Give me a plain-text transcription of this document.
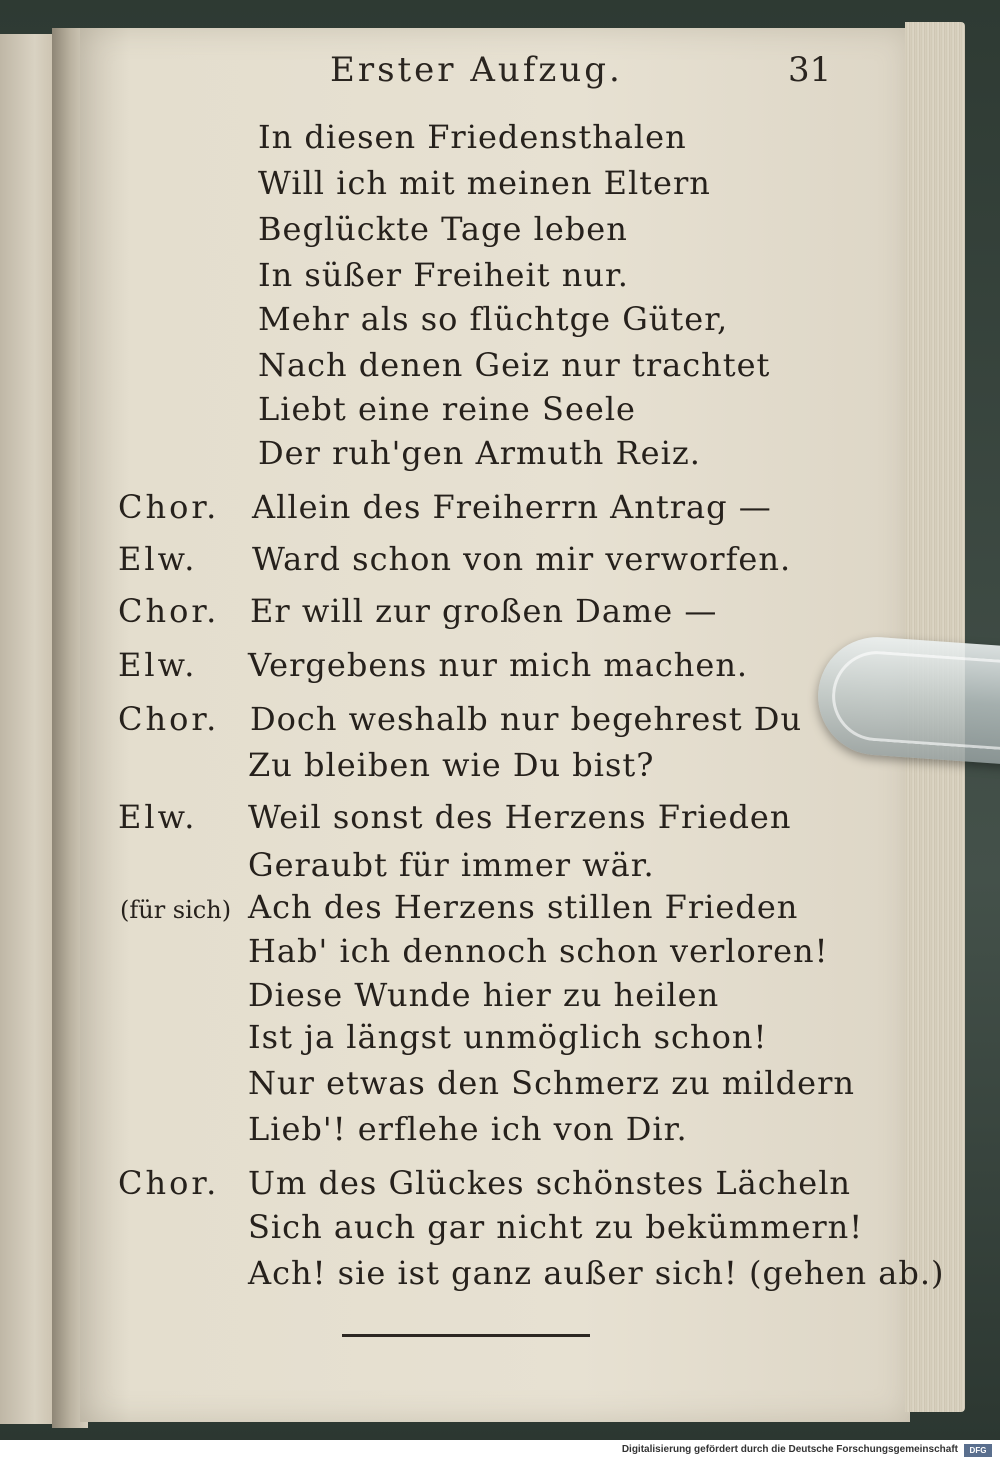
Erster Aufzug.	31
In diesen Friedensthalen
Will ich mit meinen Eltern
Beglückte Tage leben
In süßer Freiheit nur.
Mehr als so flüchtge Güter,
Nach denen Geiz nur trachtet
Liebt eine reine Seele
Der ruh'gen Armuth Reiz.
Chor. Allein des Freiherrn Antrag —
Elw. Ward schon von mir verworfen.
Chor. Er will zur großen Dame —
Elw. Vergebens nur mich machen.
Chor. Doch weshalb nur begehrest Du
Zu bleiben wie Du bist?
Elw. Weil sonst des Herzens Frieden
Geraubt für immer wär.
(für sich) Ach des Herzens stillen Frieden
Hab' ich dennoch schon verloren!
Diese Wunde hier zu heilen
Ist ja längst unmöglich schon!
Nur etwas den Schmerz zu mildern
Lieb'! erflehe ich von Dir.
Chor. Um des Glückes schönstes Lächeln
Sich auch gar nicht zu bekümmern!
Ach! sie ist ganz außer sich! (gehen ab.)
Digitalisierung gefördert durch die Deutsche Forschungsgemeinschaft	DFG
